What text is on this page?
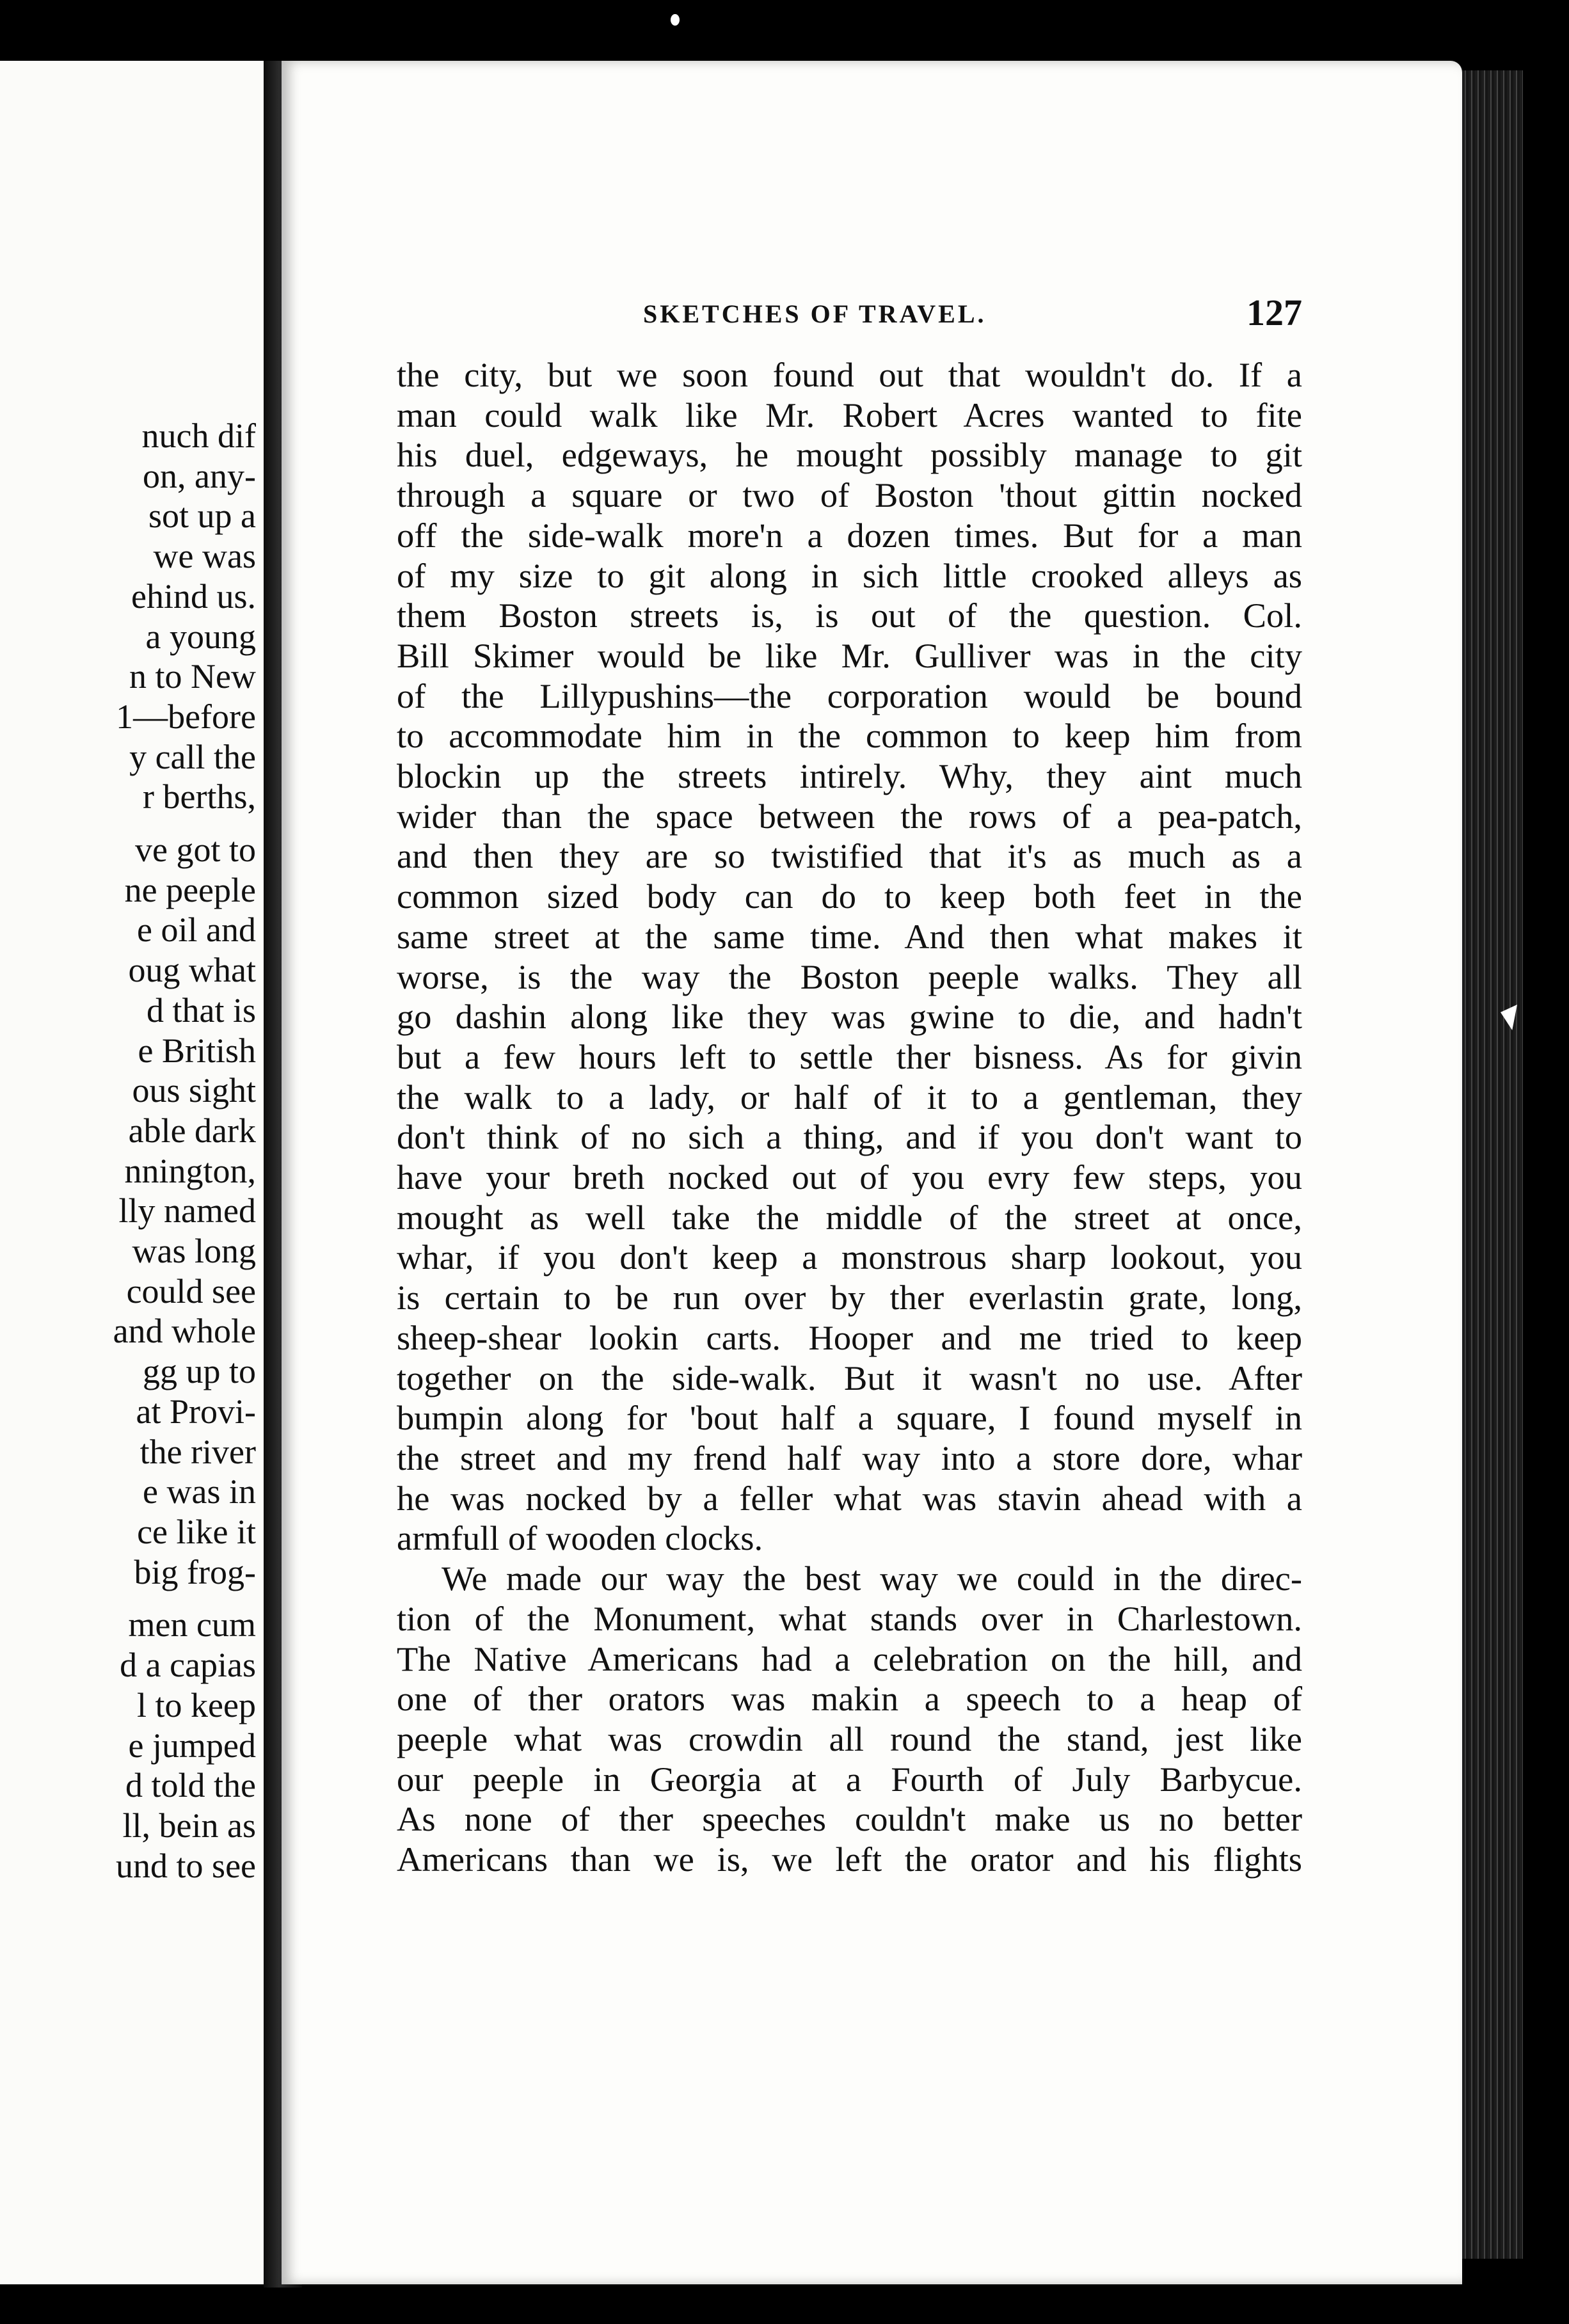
nuch dif
on, any-
sot up a
we was
ehind us.
a young
n to New
1—before
y call the
r berths,
ve got to
ne peeple
e oil and
oug what
d that is
e British
ous sight
able dark
nnington,
lly named
was long
could see
and whole
gg up to
at Provi-
the river
e was in
ce like it
big frog-
men cum
d a capias
l to keep
e jumped
d told the
ll, bein as
und to see
SKETCHES OF TRAVEL.	127
the city, but we soon found out that wouldn't do. If a
man could walk like Mr. Robert Acres wanted to fite
his duel, edgeways, he mought possibly manage to git
through a square or two of Boston 'thout gittin nocked
off the side-walk more'n a dozen times. But for a man
of my size to git along in sich little crooked alleys as
them Boston streets is, is out of the question. Col.
Bill Skimer would be like Mr. Gulliver was in the city
of the Lillypushins—the corporation would be bound
to accommodate him in the common to keep him from
blockin up the streets intirely. Why, they aint much
wider than the space between the rows of a pea-patch,
and then they are so twistified that it's as much as a
common sized body can do to keep both feet in the
same street at the same time. And then what makes it
worse, is the way the Boston peeple walks. They all
go dashin along like they was gwine to die, and hadn't
but a few hours left to settle ther bisness. As for givin
the walk to a lady, or half of it to a gentleman, they
don't think of no sich a thing, and if you don't want to
have your breth nocked out of you evry few steps, you
mought as well take the middle of the street at once,
whar, if you don't keep a monstrous sharp lookout, you
is certain to be run over by ther everlastin grate, long,
sheep-shear lookin carts. Hooper and me tried to keep
together on the side-walk. But it wasn't no use. After
bumpin along for 'bout half a square, I found myself in
the street and my frend half way into a store dore, whar
he was nocked by a feller what was stavin ahead with a
armfull of wooden clocks.
We made our way the best way we could in the direc-
tion of the Monument, what stands over in Charlestown.
The Native Americans had a celebration on the hill, and
one of ther orators was makin a speech to a heap of
peeple what was crowdin all round the stand, jest like
our peeple in Georgia at a Fourth of July Barbycue.
As none of ther speeches couldn't make us no better
Americans than we is, we left the orator and his flights
